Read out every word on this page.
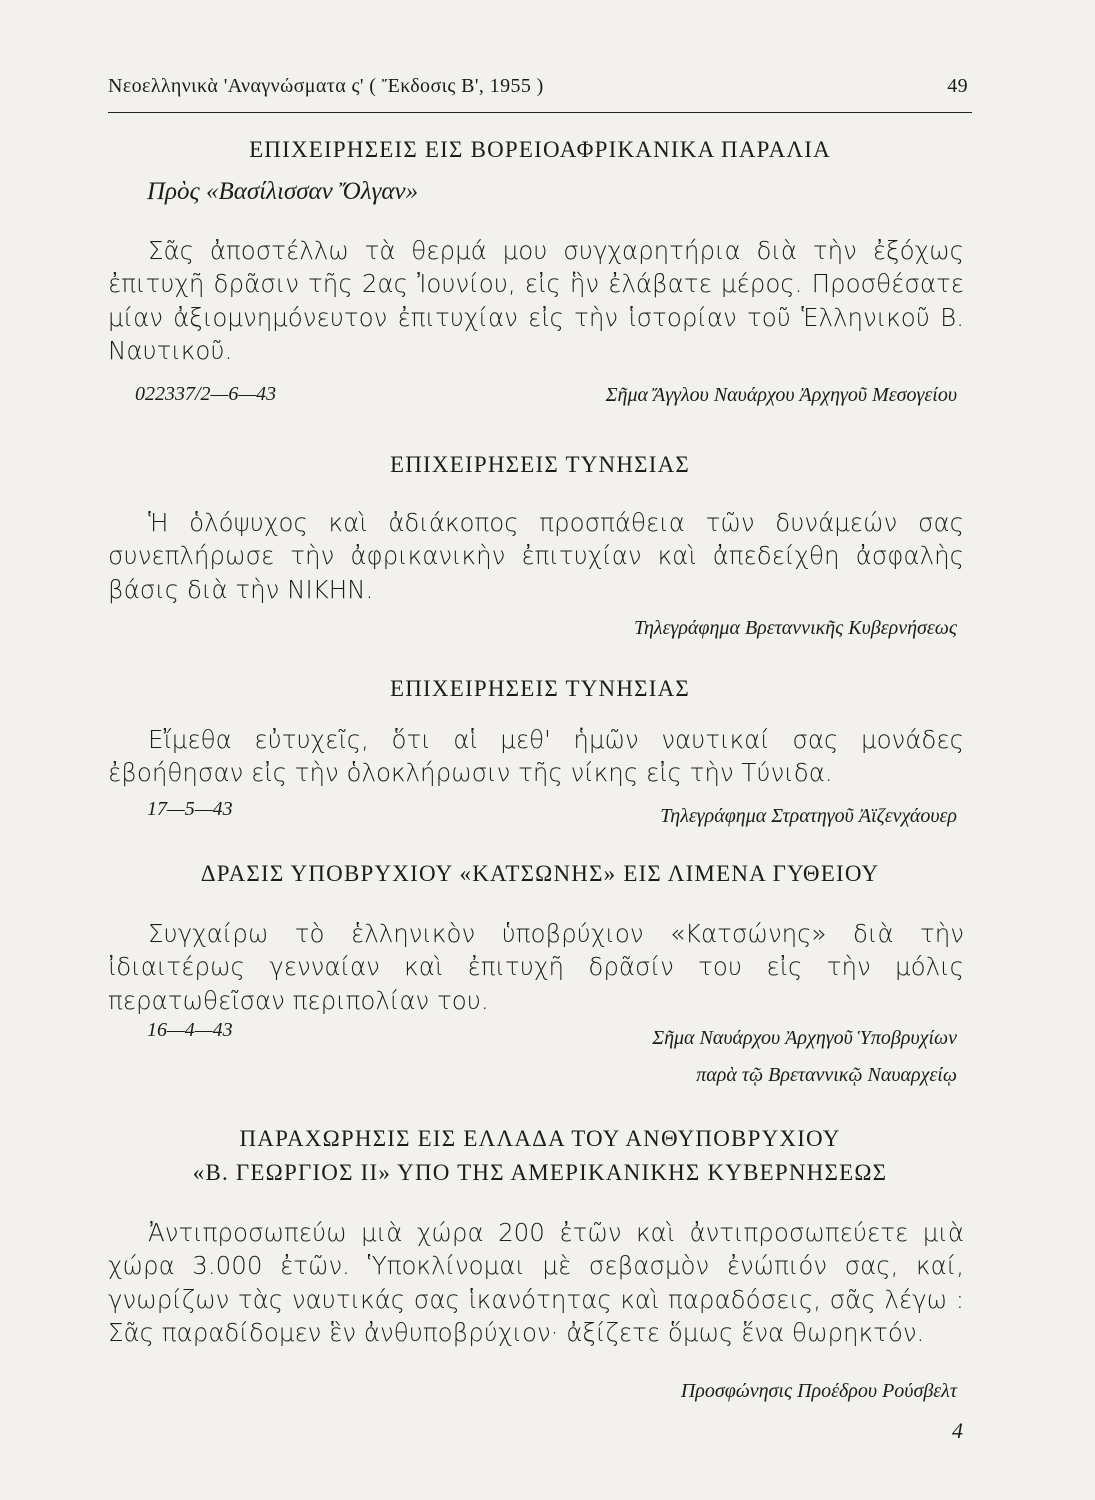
Νεοελληνικὰ 'Αναγνώσματα ς' ( Ἔκδοσις Β', 1955 )	49
ΕΠΙΧΕΙΡΗΣΕΙΣ ΕΙΣ ΒΟΡΕΙΟΑΦΡΙΚΑΝΙΚΑ ΠΑΡΑΛΙΑ
Πρὸς «Βασίλισσαν Ὄλγαν»
Σᾶς ἀποστέλλω τὰ θερμά μου συγχαρητήρια διὰ τὴν ἐξόχως ἐπιτυχῆ δρᾶσιν τῆς 2ας Ἰουνίου, εἰς ἣν ἐλάβατε μέρος. Προσθέσατε μίαν ἀξιομνημόνευτον ἐπιτυχίαν εἰς τὴν ἱστορίαν τοῦ Ἑλληνικοῦ Β. Ναυτικοῦ.
022337/2—6—43	Σῆμα Ἄγγλου Ναυάρχου Ἀρχηγοῦ Μεσογείου
ΕΠΙΧΕΙΡΗΣΕΙΣ ΤΥΝΗΣΙΑΣ
Ἡ ὁλόψυχος καὶ ἀδιάκοπος προσπάθεια τῶν δυνάμεών σας συνεπλήρωσε τὴν ἀφρικανικὴν ἐπιτυχίαν καὶ ἀπεδείχθη ἀσφαλὴς βάσις διὰ τὴν ΝΙΚΗΝ.
Τηλεγράφημα Βρεταννικῆς Κυβερνήσεως
ΕΠΙΧΕΙΡΗΣΕΙΣ ΤΥΝΗΣΙΑΣ
Εἴμεθα εὐτυχεῖς, ὅτι αἱ μεθ' ἡμῶν ναυτικαί σας μονάδες ἐβοήθησαν εἰς τὴν ὁλοκλήρωσιν τῆς νίκης εἰς τὴν Τύνιδα.
17—5—43	Τηλεγράφημα Στρατηγοῦ Ἀϊζενχάουερ
ΔΡΑΣΙΣ ΥΠΟΒΡΥΧΙΟΥ «ΚΑΤΣΩΝΗΣ» ΕΙΣ ΛΙΜΕΝΑ ΓΥΘΕΙΟΥ
Συγχαίρω τὸ ἑλληνικὸν ὑποβρύχιον «Κατσώνης» διὰ τὴν ἰδιαιτέρως γενναίαν καὶ ἐπιτυχῆ δρᾶσίν του εἰς τὴν μόλις περατωθεῖσαν περιπολίαν του.
16—4—43	Σῆμα Ναυάρχου Ἀρχηγοῦ Ὑποβρυχίων
παρὰ τῷ Βρεταννικῷ Ναυαρχείῳ
ΠΑΡΑΧΩΡΗΣΙΣ ΕΙΣ ΕΛΛΑΔΑ ΤΟΥ ΑΝΘΥΠΟΒΡΥΧΙΟΥ
«Β. ΓΕΩΡΓΙΟΣ ΙΙ» ΥΠΟ ΤΗΣ ΑΜΕΡΙΚΑΝΙΚΗΣ ΚΥΒΕΡΝΗΣΕΩΣ
Ἀντιπροσωπεύω μιὰ χώρα 200 ἐτῶν καὶ ἀντιπροσωπεύετε μιὰ χώρα 3.000 ἐτῶν. Ὑποκλίνομαι μὲ σεβασμὸν ἐνώπιόν σας, καί, γνωρίζων τὰς ναυτικάς σας ἱκανότητας καὶ παραδόσεις, σᾶς λέγω : Σᾶς παραδίδομεν ἓν ἀνθυποβρύχιον· ἀξίζετε ὅμως ἕνα θωρηκτόν.
Προσφώνησις Προέδρου Ρούσβελτ
4
